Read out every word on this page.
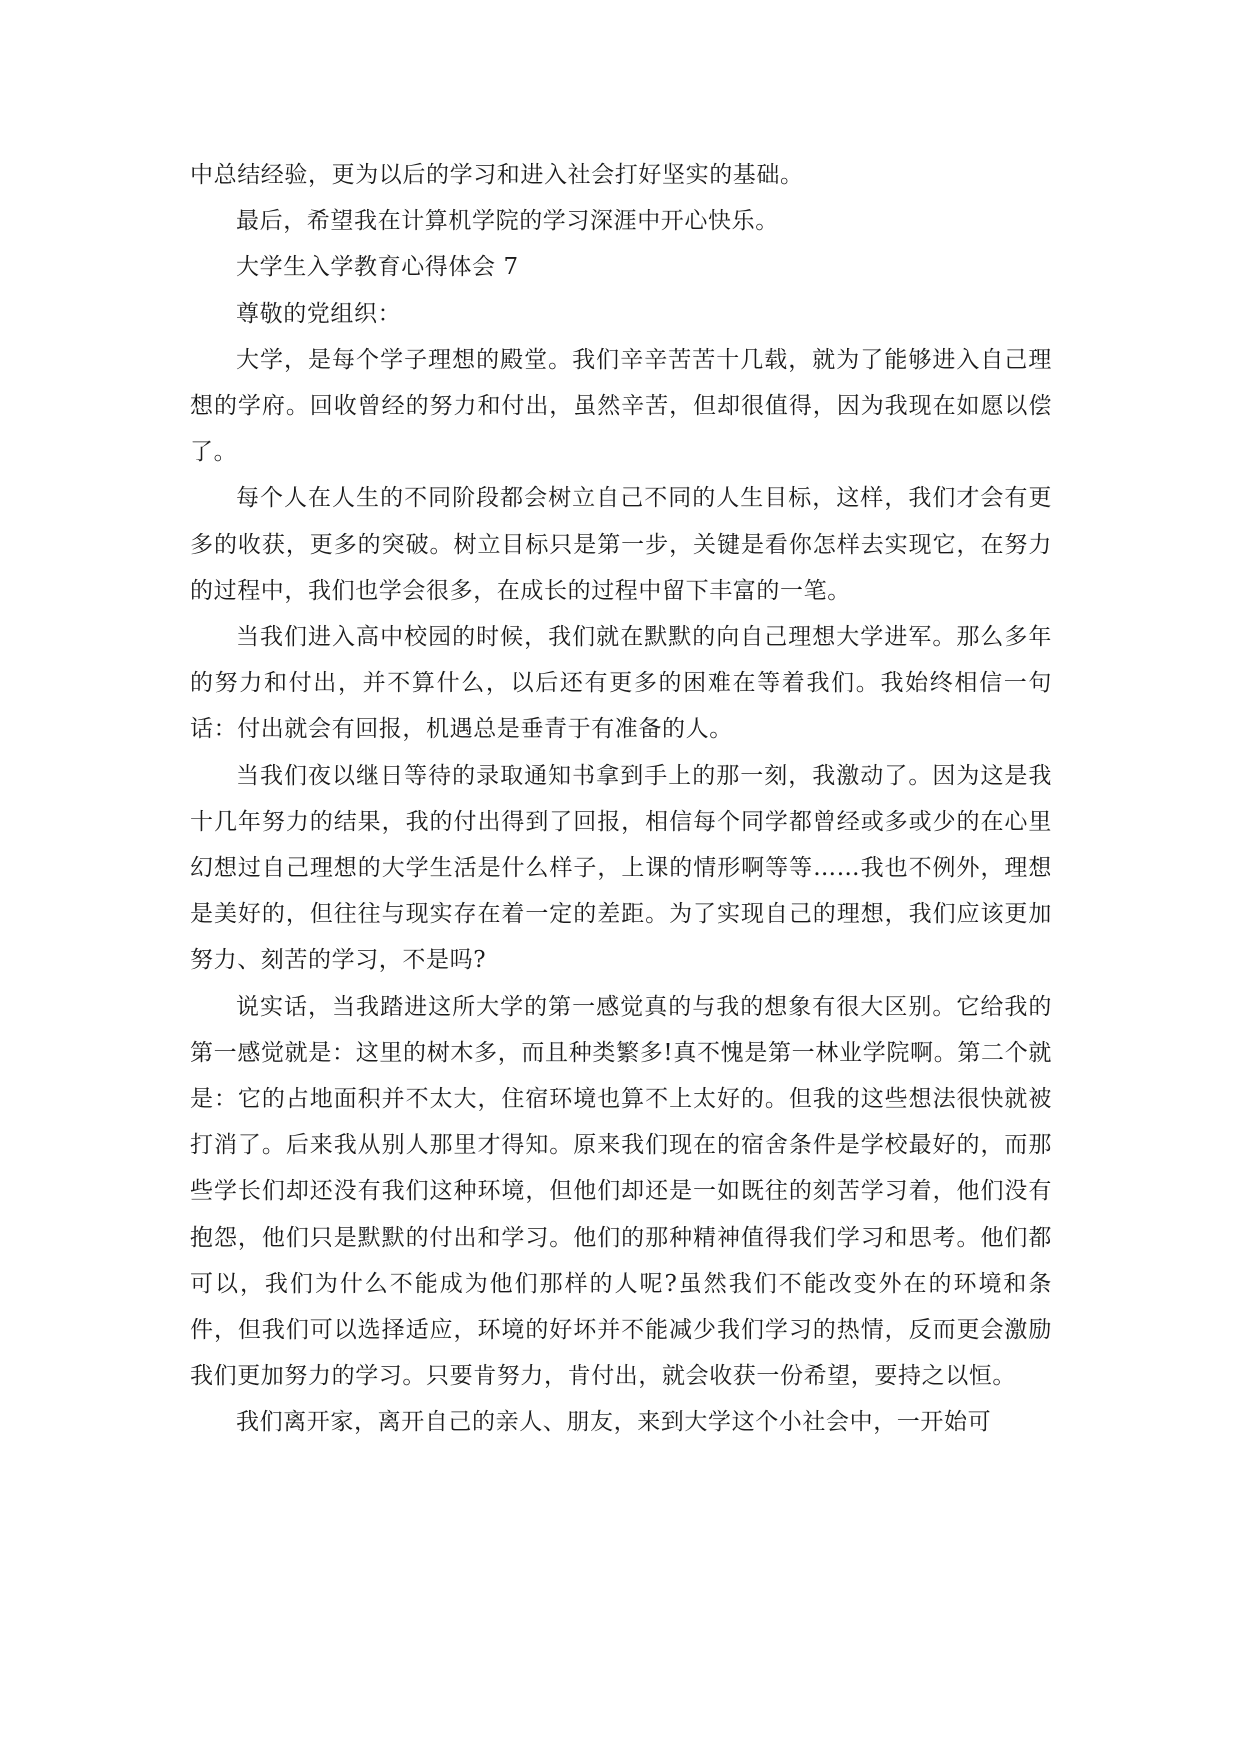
中总结经验，更为以后的学习和进入社会打好坚实的基础。

最后，希望我在计算机学院的学习深涯中开心快乐。

大学生入学教育心得体会 7

尊敬的党组织：

大学，是每个学子理想的殿堂。我们辛辛苦苦十几载，就为了能够进入自己理想的学府。回收曾经的努力和付出，虽然辛苦，但却很值得，因为我现在如愿以偿了。

每个人在人生的不同阶段都会树立自己不同的人生目标，这样，我们才会有更多的收获，更多的突破。树立目标只是第一步，关键是看你怎样去实现它，在努力的过程中，我们也学会很多，在成长的过程中留下丰富的一笔。

当我们进入高中校园的时候，我们就在默默的向自己理想大学进军。那么多年的努力和付出，并不算什么，以后还有更多的困难在等着我们。我始终相信一句话：付出就会有回报，机遇总是垂青于有准备的人。

当我们夜以继日等待的录取通知书拿到手上的那一刻，我激动了。因为这是我十几年努力的结果，我的付出得到了回报，相信每个同学都曾经或多或少的在心里幻想过自己理想的大学生活是什么样子，上课的情形啊等等……我也不例外，理想是美好的，但往往与现实存在着一定的差距。为了实现自己的理想，我们应该更加努力、刻苦的学习，不是吗?

说实话，当我踏进这所大学的第一感觉真的与我的想象有很大区别。它给我的第一感觉就是：这里的树木多，而且种类繁多!真不愧是第一林业学院啊。第二个就是：它的占地面积并不太大，住宿环境也算不上太好的。但我的这些想法很快就被打消了。后来我从别人那里才得知。原来我们现在的宿舍条件是学校最好的，而那些学长们却还没有我们这种环境，但他们却还是一如既往的刻苦学习着，他们没有抱怨，他们只是默默的付出和学习。他们的那种精神值得我们学习和思考。他们都可以，我们为什么不能成为他们那样的人呢?虽然我们不能改变外在的环境和条件，但我们可以选择适应，环境的好坏并不能减少我们学习的热情，反而更会激励我们更加努力的学习。只要肯努力，肯付出，就会收获一份希望，要持之以恒。

我们离开家，离开自己的亲人、朋友，来到大学这个小社会中，一开始可
